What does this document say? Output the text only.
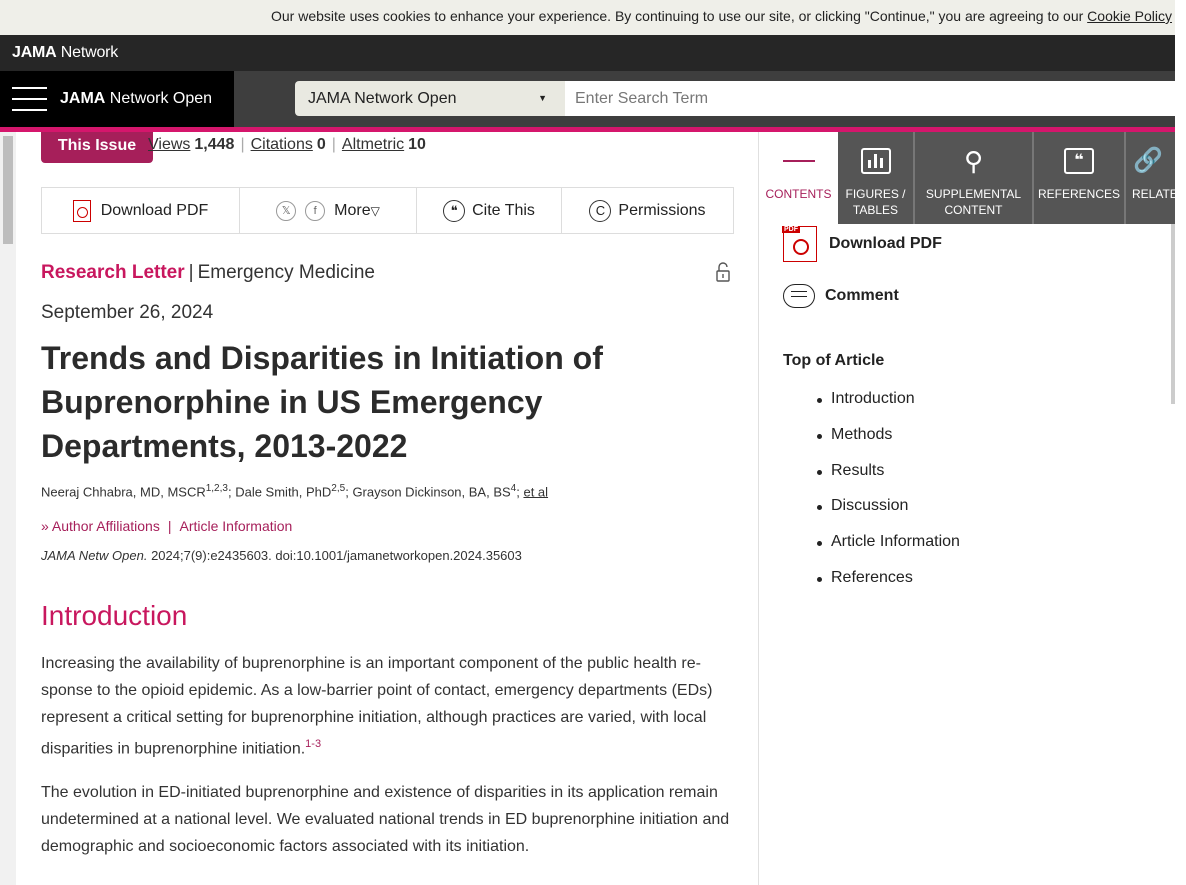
Our website uses cookies to enhance your experience. By continuing to use our site, or clicking "Continue," you are agreeing to our Cookie Policy
JAMA Network
JAMA Network Open	JAMA Network Open	▼
Enter Search Term
This Issue Views 1,448 | Citations 0 | Altmetric 10
Download PDF	𝕏	f	More▽	❝ Cite This	C Permissions
Research Letter | Emergency Medicine
September 26, 2024
Trends and Disparities in Initiation of Buprenorphine in US Emergency Departments, 2013-2022
Neeraj Chhabra, MD, MSCR$^{1,2,3}$; Dale Smith, PhD$^{2,5}$; Grayson Dickinson, BA, $BS^4$; et al
» Author Affiliations | Article Information
JAMA Netw Open. 2024;7(9):e2435603. doi:10.1001/jamanetworkopen.2024.35603
Introduction

Increasing the availability of buprenorphine is an important component of the public health re-sponse to the opioid epidemic. As a low-barrier point of contact, emergency departments (EDs) represent a critical setting for buprenorphine initiation, although practices are varied, with local disparities in buprenorphine initiation.$^{1-3}$

The evolution in ED-initiated buprenorphine and existence of disparities in its application remain undetermined at a national level. We evaluated national trends in ED buprenorphine initiation and demographic and socioeconomic factors associated with its initiation.

CONTENTS	FIGURES / TABLES
⚲
SUPPLEMENTAL CONTENT
❝
REFERENCES
🔗
RELATED
PDF
Download PDF
Comment
Top of Article
Introduction
Methods
Results
Discussion
Article Information
References
